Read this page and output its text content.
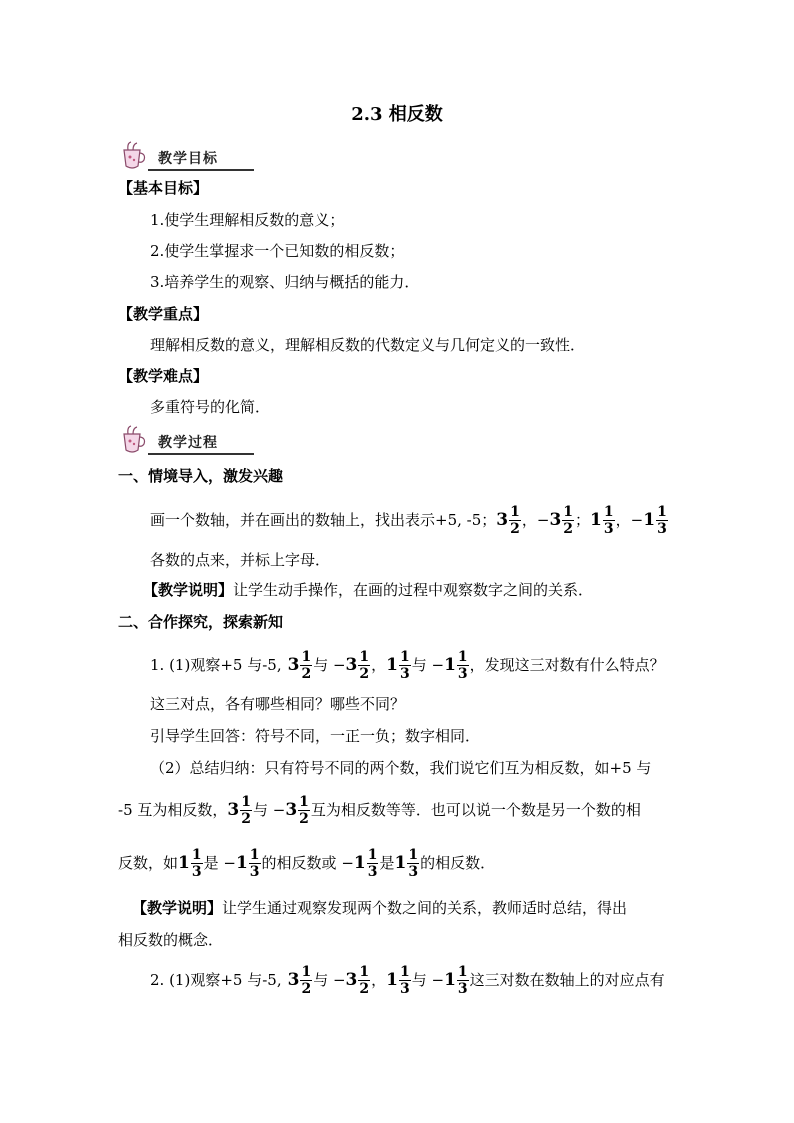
2.3 相反数
教学目标
【基本目标】
1.使学生理解相反数的意义；
2.使学生掌握求一个已知数的相反数；
3.培养学生的观察、归纳与概括的能力．
【教学重点】
理解相反数的意义，理解相反数的代数定义与几何定义的一致性．
【教学难点】
多重符号的化简．
教学过程
一、情境导入，激发兴趣
画一个数轴，并在画出的数轴上，找出表示+5, -5； $3 \frac{1}{2}$ ，− $3 \frac{1}{2}$ ； $1 \frac{1}{3}$ ，− $1 \frac{1}{3}$
各数的点来，并标上字母．
【教学说明】让学生动手操作，在画的过程中观察数字之间的关系．
二、合作探究，探索新知
1. (1)观察+5 与-5, $3 \frac{1}{2}$ 与 − $3 \frac{1}{2}$ ， $1 \frac{1}{3}$ 与 − $1 \frac{1}{3}$ ，发现这三对数有什么特点？
这三对点，各有哪些相同？哪些不同？
引导学生回答：符号不同，一正一负；数字相同．
（2）总结归纳：只有符号不同的两个数，我们说它们互为相反数，如+5 与
-5 互为相反数， $3 \frac{1}{2}$ 与 − $3 \frac{1}{2}$ 互为相反数等等．也可以说一个数是另一个数的相
反数，如 $1 \frac{1}{3}$ 是 − $1 \frac{1}{3}$ 的相反数或 − $1 \frac{1}{3}$ 是 $1 \frac{1}{3}$ 的相反数．
【教学说明】让学生通过观察发现两个数之间的关系，教师适时总结，得出
相反数的概念．
2. (1)观察+5 与-5, $3 \frac{1}{2}$ 与 − $3 \frac{1}{2}$ ， $1 \frac{1}{3}$ 与 − $1 \frac{1}{3}$ 这三对数在数轴上的对应点有
